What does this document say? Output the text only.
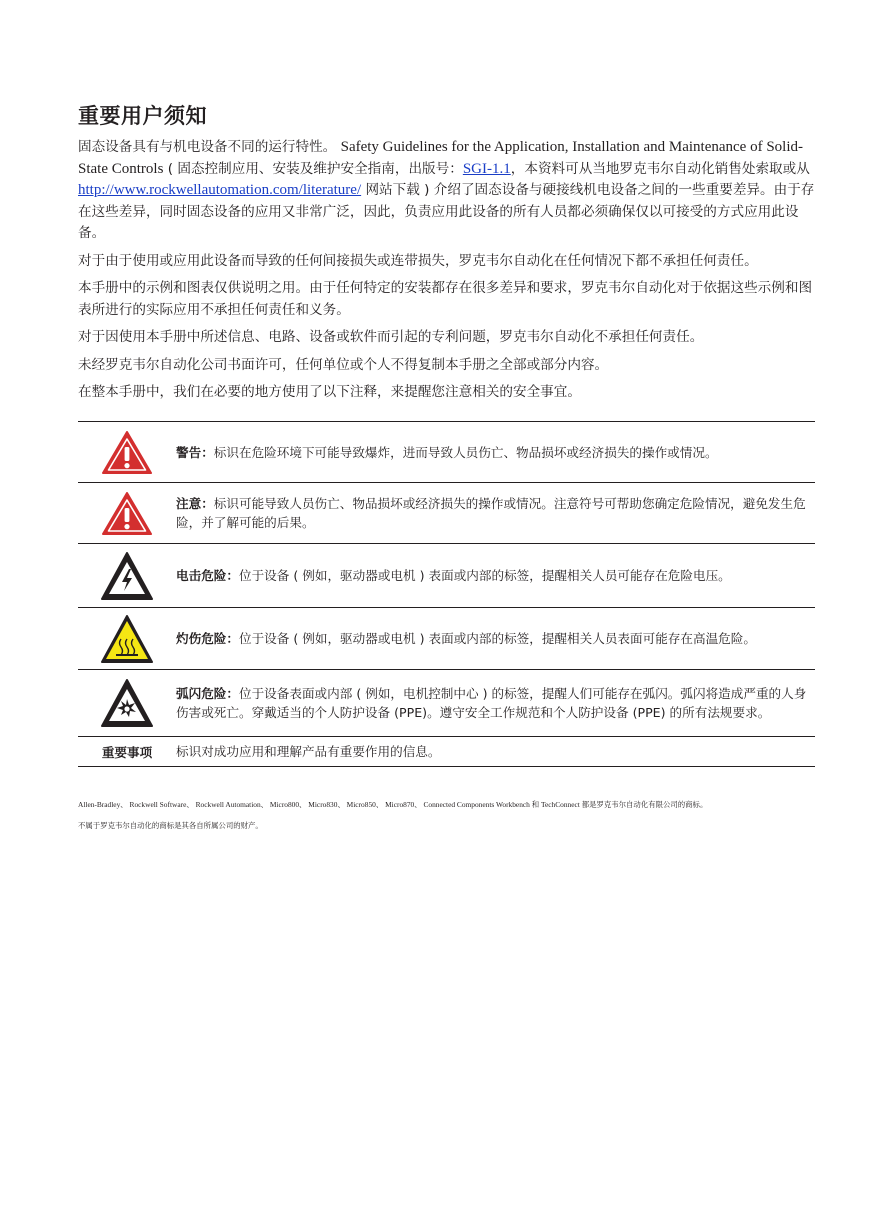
重要用户须知

固态设备具有与机电设备不同的运行特性。 Safety Guidelines for the Application, Installation and Maintenance of Solid-State Controls ( 固态控制应用、安装及维护安全指南，出版号：SGI-1.1，本资料可从当地罗克韦尔自动化销售处索取或从 http://www.rockwellautomation.com/literature/ 网站下载 ) 介绍了固态设备与硬接线机电设备之间的一些重要差异。由于存在这些差异，同时固态设备的应用又非常广泛，因此，负责应用此设备的所有人员都必须确保仅以可接受的方式应用此设备。

对于由于使用或应用此设备而导致的任何间接损失或连带损失，罗克韦尔自动化在任何情况下都不承担任何责任。

本手册中的示例和图表仅供说明之用。由于任何特定的安装都存在很多差异和要求，罗克韦尔自动化对于依据这些示例和图表所进行的实际应用不承担任何责任和义务。

对于因使用本手册中所述信息、电路、设备或软件而引起的专利问题，罗克韦尔自动化不承担任何责任。

未经罗克韦尔自动化公司书面许可，任何单位或个人不得复制本手册之全部或部分内容。

在整本手册中，我们在必要的地方使用了以下注释，来提醒您注意相关的安全事宜。

	警告：标识在危险环境下可能导致爆炸，进而导致人员伤亡、物品损坏或经济损失的操作或情况。
	注意：标识可能导致人员伤亡、物品损坏或经济损失的操作或情况。注意符号可帮助您确定危险情况，避免发生危险，并了解可能的后果。
	电击危险：位于设备 ( 例如，驱动器或电机 ) 表面或内部的标签，提醒相关人员可能存在危险电压。
	灼伤危险：位于设备 ( 例如，驱动器或电机 ) 表面或内部的标签，提醒相关人员表面可能存在高温危险。
	弧闪危险：位于设备表面或内部 ( 例如，电机控制中心 ) 的标签，提醒人们可能存在弧闪。弧闪将造成严重的人身伤害或死亡。穿戴适当的个人防护设备 (PPE)。遵守安全工作规范和个人防护设备 (PPE) 的所有法规要求。
重要事项	标识对成功应用和理解产品有重要作用的信息。

Allen-Bradley、 Rockwell Software、 Rockwell Automation、 Micro800、 Micro830、 Micro850、 Micro870、 Connected Components Workbench 和 TechConnect 都是罗克韦尔自动化有限公司的商标。

不属于罗克韦尔自动化的商标是其各自所属公司的财产。
